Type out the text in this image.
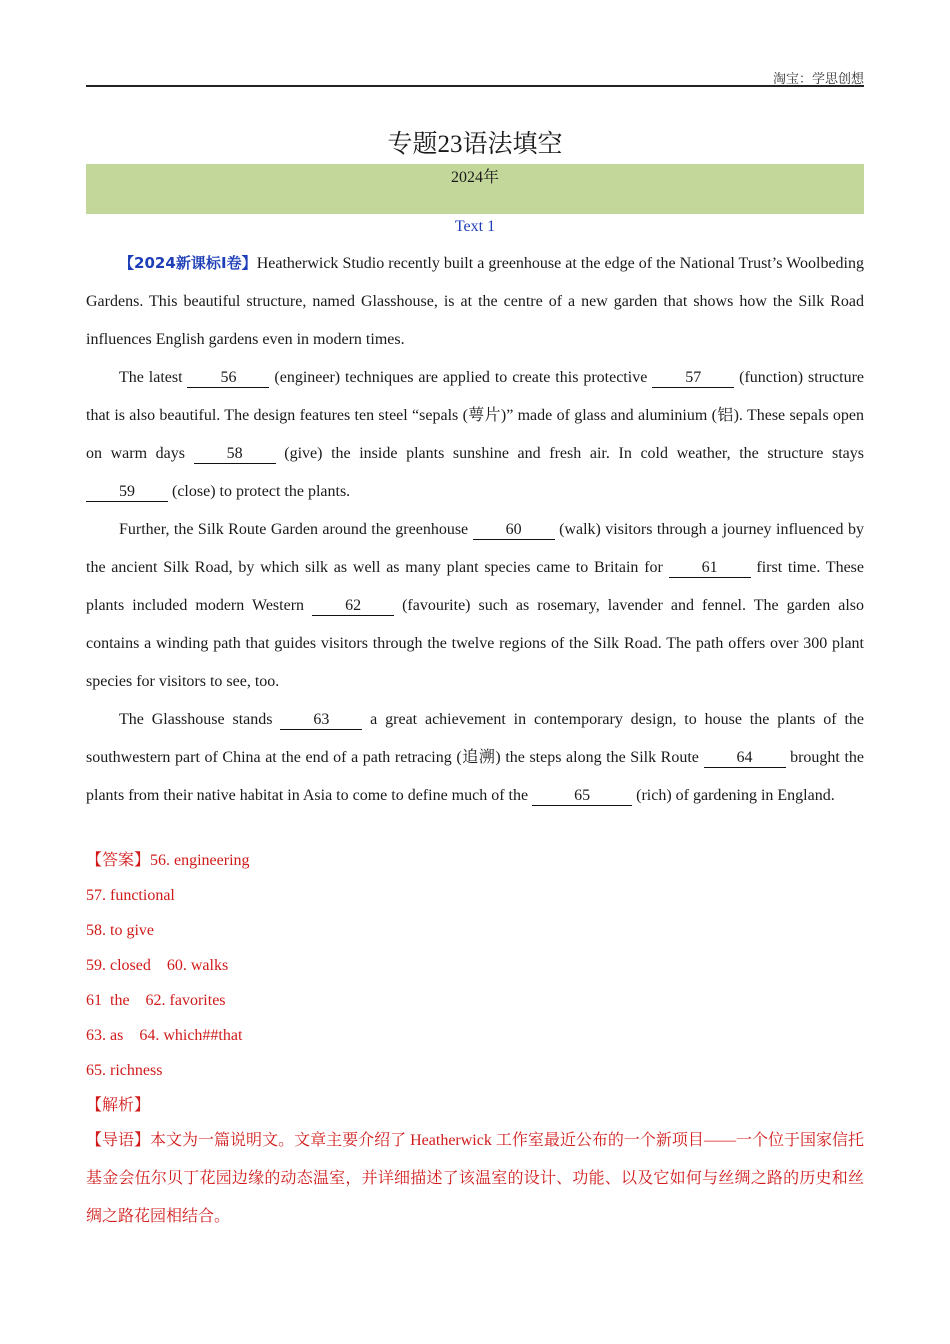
淘宝：学思创想
专题23语法填空
2024年
Text 1

【2024新课标Ⅰ卷】Heatherwick Studio recently built a greenhouse at the edge of the National Trust’s Woolbeding Gardens. This beautiful structure, named Glasshouse, is at the centre of a new garden that shows how the Silk Road influences English gardens even in modern times.

The latest 56 (engineer) techniques are applied to create this protective 57 (function) structure that is also beautiful. The design features ten steel “sepals (萼片)” made of glass and aluminium (铝). These sepals open on warm days 58 (give) the inside plants sunshine and fresh air. In cold weather, the structure stays 59 (close) to protect the plants.

Further, the Silk Route Garden around the greenhouse 60 (walk) visitors through a journey influenced by the ancient Silk Road, by which silk as well as many plant species came to Britain for 61 first time. These plants included modern Western 62 (favourite) such as rosemary, lavender and fennel. The garden also contains a winding path that guides visitors through the twelve regions of the Silk Road. The path offers over 300 plant species for visitors to see, too.

The Glasshouse stands 63 a great achievement in contemporary design, to house the plants of the southwestern part of China at the end of a path retracing (追溯) the steps along the Silk Route 64 brought the plants from their native habitat in Asia to come to define much of the	65	(rich) of gardening in England.

【答案】56. engineering
57. functional
58. to give
59. closed    60. walks
61  the    62. favorites
63. as    64. which##that
65. richness
【解析】
【导语】本文为一篇说明文。文章主要介绍了 Heatherwick 工作室最近公布的一个新项目——一个位于国家信托基金会伍尔贝丁花园边缘的动态温室，并详细描述了该温室的设计、功能、以及它如何与丝绸之路的历史和丝绸之路花园相结合。
